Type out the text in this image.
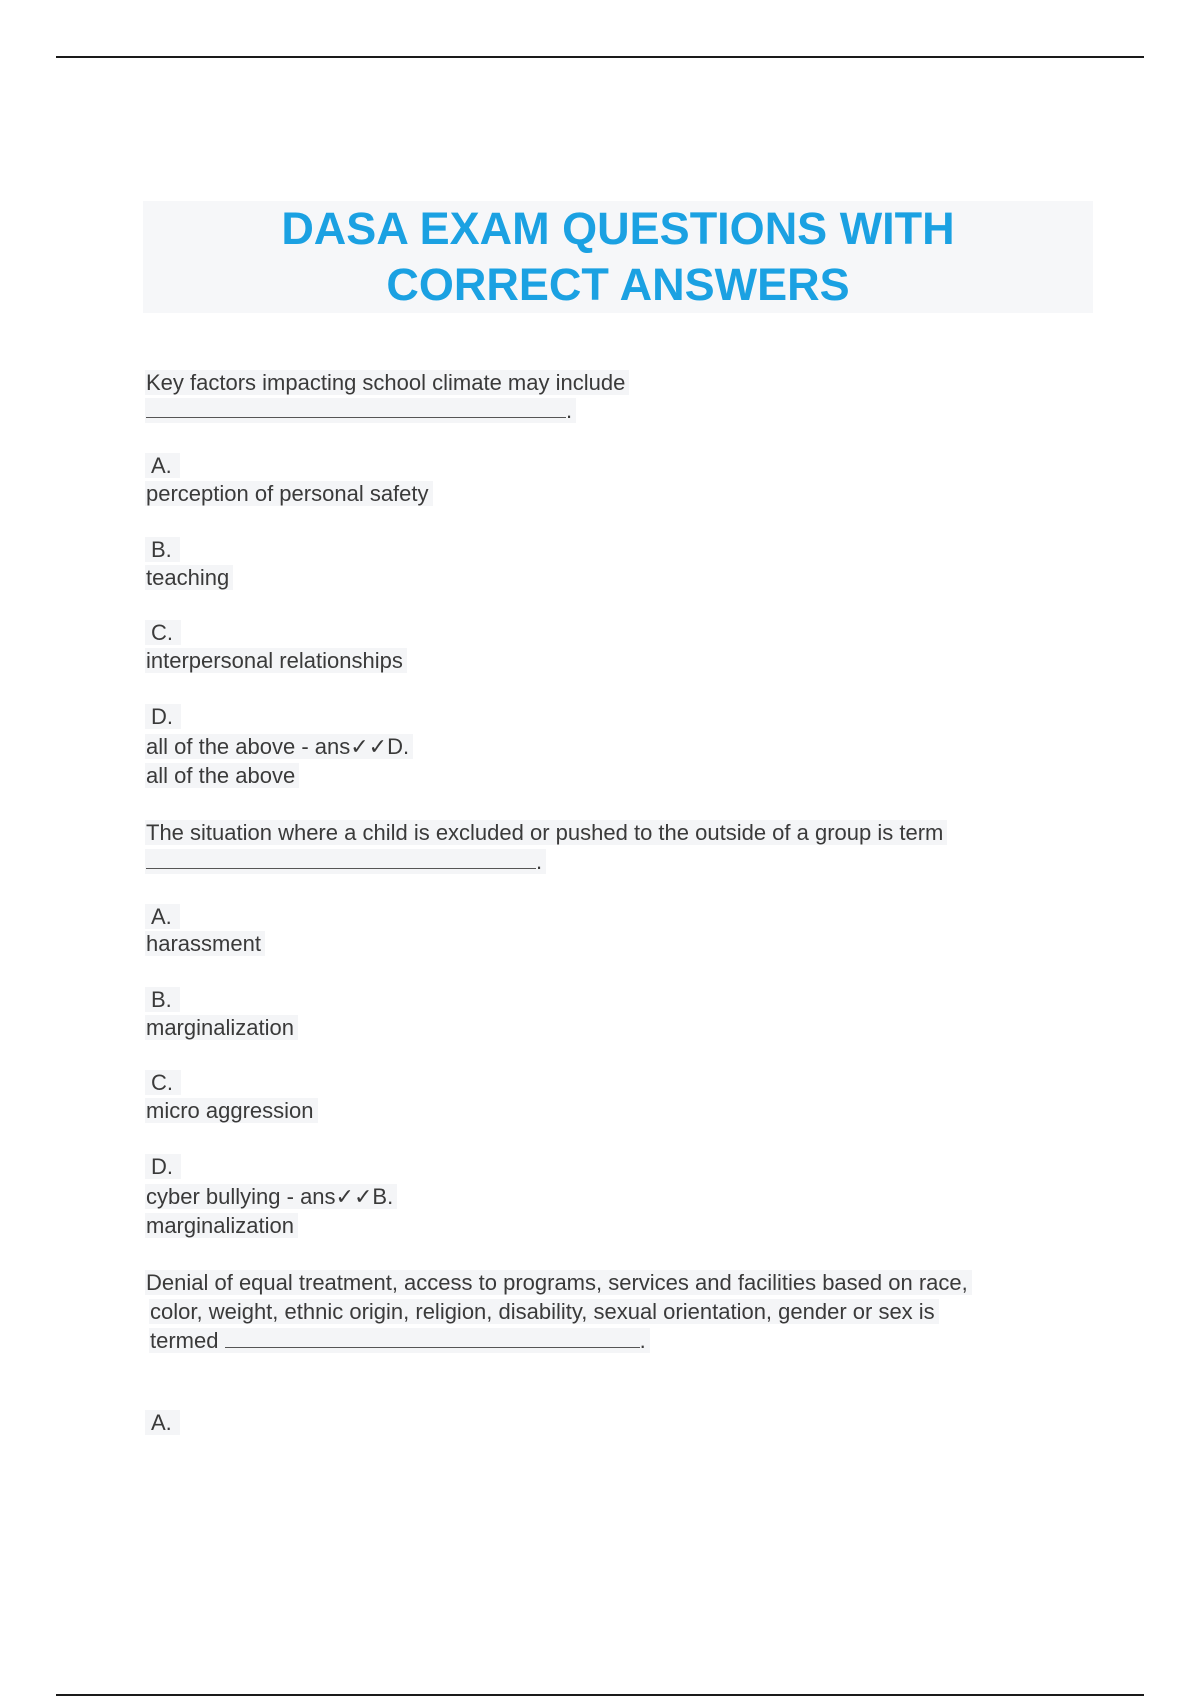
DASA EXAM QUESTIONS WITH
CORRECT ANSWERS
Key factors impacting school climate may include
.
A.
perception of personal safety
B.
teaching
C.
interpersonal relationships
D.
all of the above - ans✓✓D.
all of the above
The situation where a child is excluded or pushed to the outside of a group is term
.
A.
harassment
B.
marginalization
C.
micro aggression
D.
cyber bullying - ans✓✓B.
marginalization
Denial of equal treatment, access to programs, services and facilities based on race,
color, weight, ethnic origin, religion, disability, sexual orientation, gender or sex is
termed	.
A.
